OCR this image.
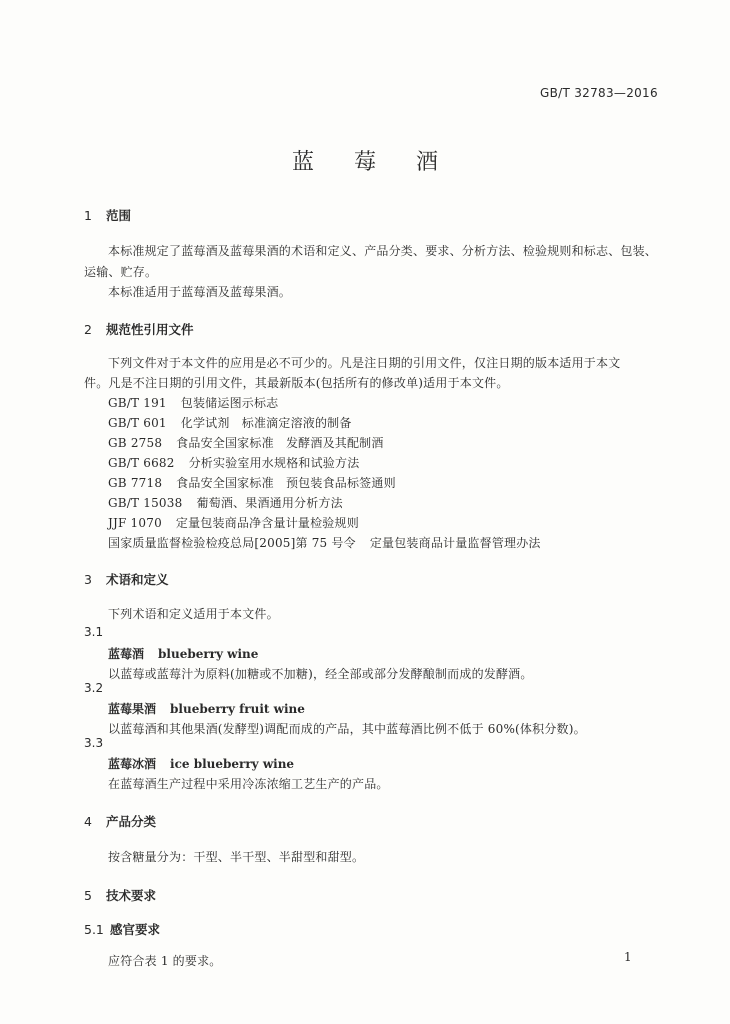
GB/T 32783—2016
蓝莓酒
1 范围
本标准规定了蓝莓酒及蓝莓果酒的术语和定义、产品分类、要求、分析方法、检验规则和标志、包装、
运输、贮存。
本标准适用于蓝莓酒及蓝莓果酒。
2 规范性引用文件
下列文件对于本文件的应用是必不可少的。凡是注日期的引用文件，仅注日期的版本适用于本文
件。凡是不注日期的引用文件，其最新版本(包括所有的修改单)适用于本文件。
GB/T 191 包装储运图示标志
GB/T 601 化学试剂　标准滴定溶液的制备
GB 2758 食品安全国家标准　发酵酒及其配制酒
GB/T 6682 分析实验室用水规格和试验方法
GB 7718 食品安全国家标准　预包装食品标签通则
GB/T 15038 葡萄酒、果酒通用分析方法
JJF 1070 定量包装商品净含量计量检验规则
国家质量监督检验检疫总局[2005]第 75 号令 定量包装商品计量监督管理办法
3 术语和定义
下列术语和定义适用于本文件。
3.1
蓝莓酒 blueberry wine
以蓝莓或蓝莓汁为原料(加糖或不加糖)，经全部或部分发酵酿制而成的发酵酒。
3.2
蓝莓果酒 blueberry fruit wine
以蓝莓酒和其他果酒(发酵型)调配而成的产品，其中蓝莓酒比例不低于 60%(体积分数)。
3.3
蓝莓冰酒 ice blueberry wine
在蓝莓酒生产过程中采用冷冻浓缩工艺生产的产品。
4 产品分类
按含糖量分为：干型、半干型、半甜型和甜型。
5 技术要求
5.1 感官要求
应符合表 1 的要求。	1
